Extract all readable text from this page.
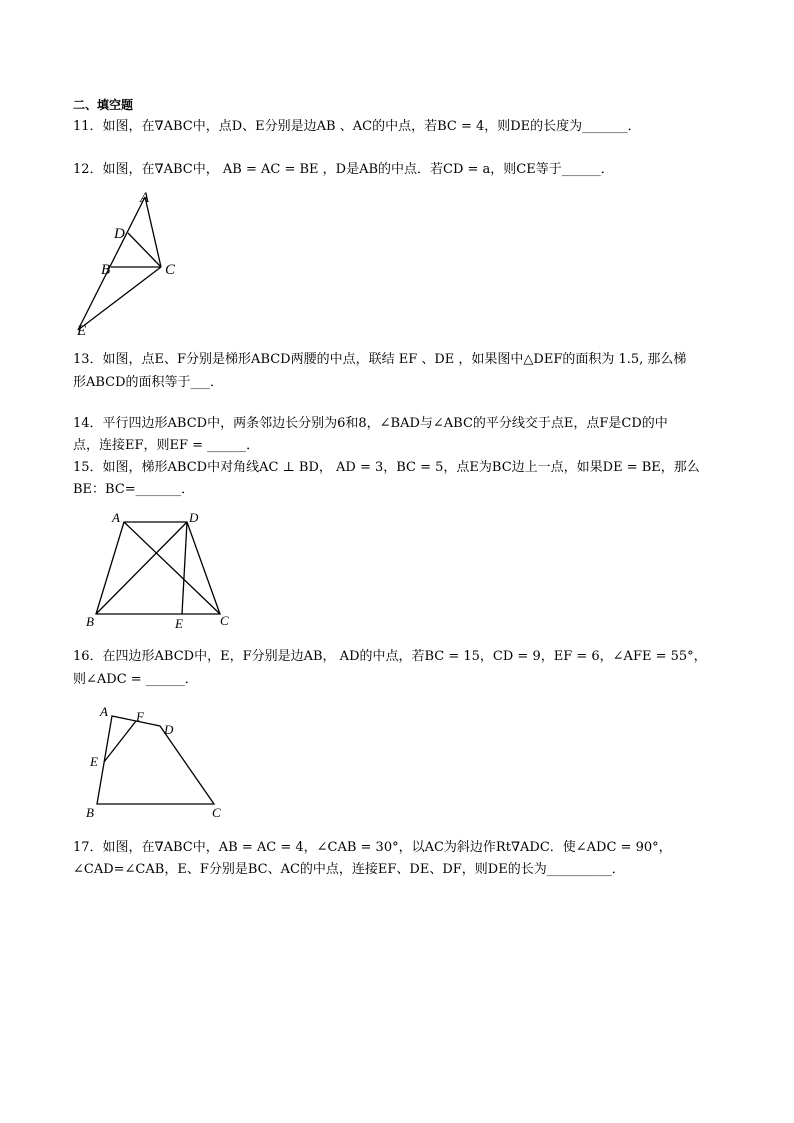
二、填空题
11．如图，在∇ABC中，点D、E分别是边AB 、AC的中点，若BC = 4，则DE的长度为_______．
12．如图，在∇ABC中， AB = AC = BE ，D是AB的中点．若CD = a，则CE等于______．
A
D
B	C
E
13．如图，点E、F分别是梯形ABCD两腰的中点，联结 EF 、DE ，如果图中△DEF的面积为 1.5, 那么梯
形ABCD的面积等于___．
14．平行四边形ABCD中，两条邻边长分别为6和8，∠BAD与∠ABC的平分线交于点E，点F是CD的中
点，连接EF，则EF = ______．
15．如图，梯形ABCD中对角线AC ⊥ BD， AD = 3，BC = 5，点E为BC边上一点，如果DE = BE，那么
BE：BC=_______．
A	D
B	E	C
16．在四边形ABCD中，E，F分别是边AB， AD的中点，若BC = 15，CD = 9，EF = 6，∠AFE = 55°，
则∠ADC = ______．
A F
D
E
B	C
17．如图，在∇ABC中，AB = AC = 4，∠CAB = 30°，以AC为斜边作Rt∇ADC．使∠ADC = 90°，
∠CAD=∠CAB，E、F分别是BC、AC的中点，连接EF、DE、DF，则DE的长为__________．
